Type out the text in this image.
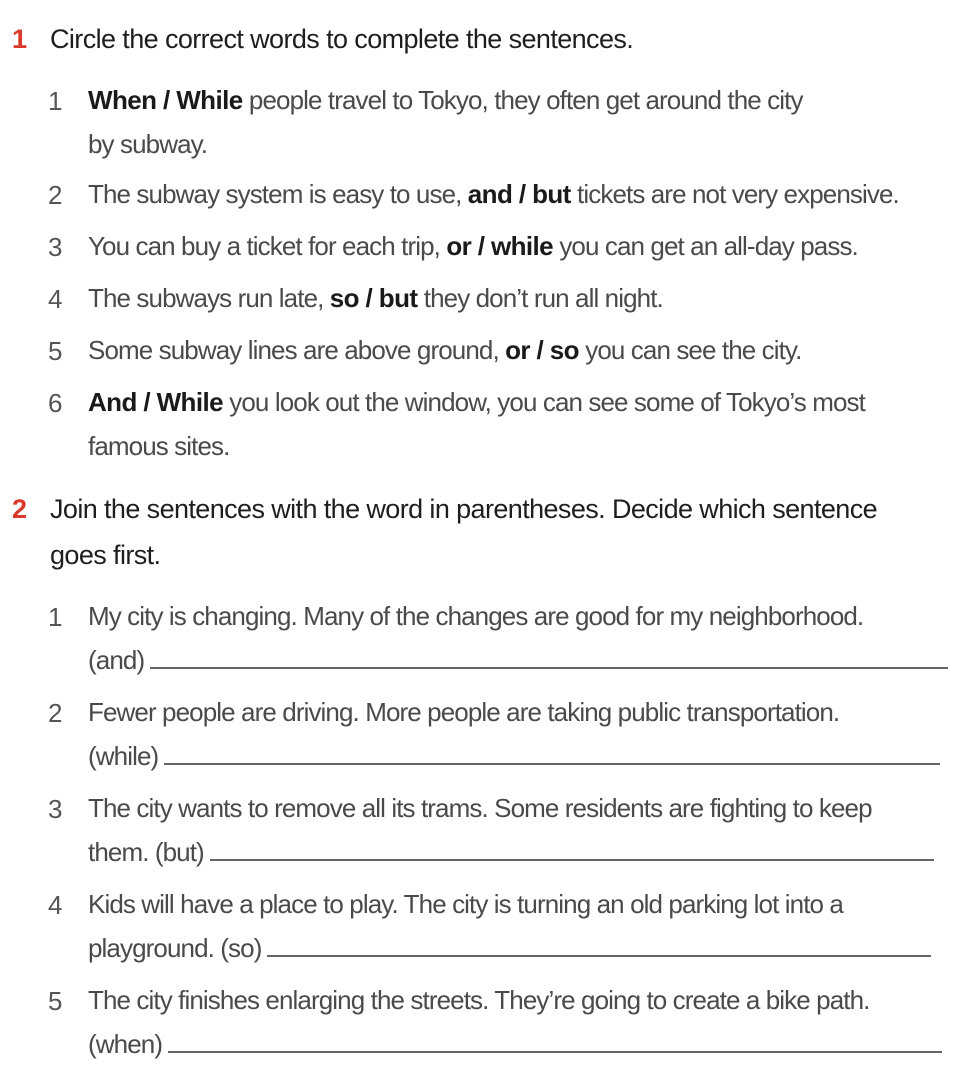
1 Circle the correct words to complete the sentences.
1 When / While people travel to Tokyo, they often get around the city
by subway.
2 The subway system is easy to use, and / but tickets are not very expensive.
3 You can buy a ticket for each trip, or / while you can get an all-day pass.
4 The subways run late, so / but they don’t run all night.
5 Some subway lines are above ground, or / so you can see the city.
6 And / While you look out the window, you can see some of Tokyo’s most
famous sites.
2 Join the sentences with the word in parentheses. Decide which sentence
goes first.
1 My city is changing. Many of the changes are good for my neighborhood.
(and)
2 Fewer people are driving. More people are taking public transportation.
(while)
3 The city wants to remove all its trams. Some residents are fighting to keep
them. (but)
4 Kids will have a place to play. The city is turning an old parking lot into a
playground. (so)
5 The city finishes enlarging the streets. They’re going to create a bike path.
(when)
